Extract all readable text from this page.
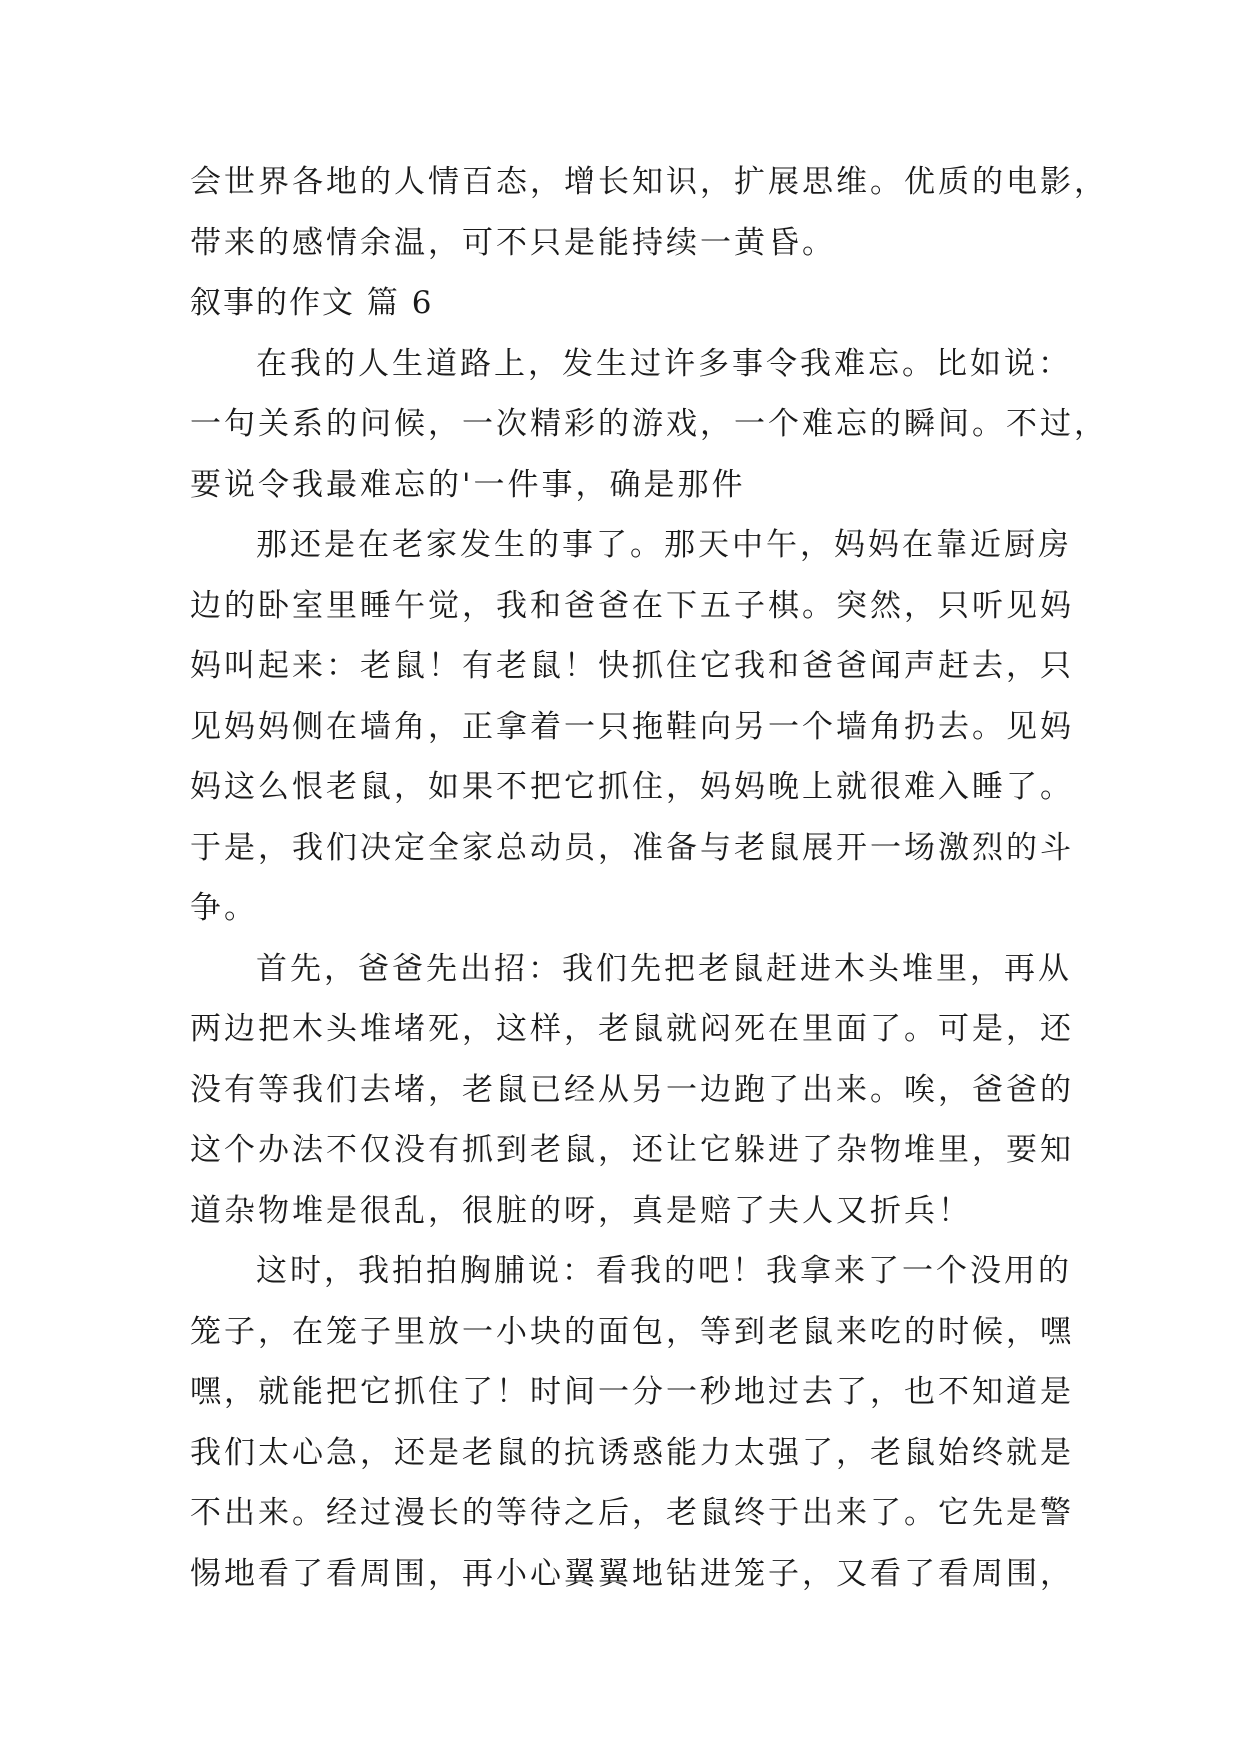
会世界各地的人情百态，增长知识，扩展思维。优质的电影，
带来的感情余温，可不只是能持续一黄昏。
叙事的作文 篇 6
在我的人生道路上，发生过许多事令我难忘。比如说：
一句关系的问候，一次精彩的游戏，一个难忘的瞬间。不过，
要说令我最难忘的'一件事，确是那件
那还是在老家发生的事了。那天中午，妈妈在靠近厨房
边的卧室里睡午觉，我和爸爸在下五子棋。突然，只听见妈
妈叫起来：老鼠！有老鼠！快抓住它我和爸爸闻声赶去，只
见妈妈侧在墙角，正拿着一只拖鞋向另一个墙角扔去。见妈
妈这么恨老鼠，如果不把它抓住，妈妈晚上就很难入睡了。
于是，我们决定全家总动员，准备与老鼠展开一场激烈的斗
争。
首先，爸爸先出招：我们先把老鼠赶进木头堆里，再从
两边把木头堆堵死，这样，老鼠就闷死在里面了。可是，还
没有等我们去堵，老鼠已经从另一边跑了出来。唉，爸爸的
这个办法不仅没有抓到老鼠，还让它躲进了杂物堆里，要知
道杂物堆是很乱，很脏的呀，真是赔了夫人又折兵！
这时，我拍拍胸脯说：看我的吧！我拿来了一个没用的
笼子，在笼子里放一小块的面包，等到老鼠来吃的时候，嘿
嘿，就能把它抓住了！时间一分一秒地过去了，也不知道是
我们太心急，还是老鼠的抗诱惑能力太强了，老鼠始终就是
不出来。经过漫长的等待之后，老鼠终于出来了。它先是警
惕地看了看周围，再小心翼翼地钻进笼子，又看了看周围，
